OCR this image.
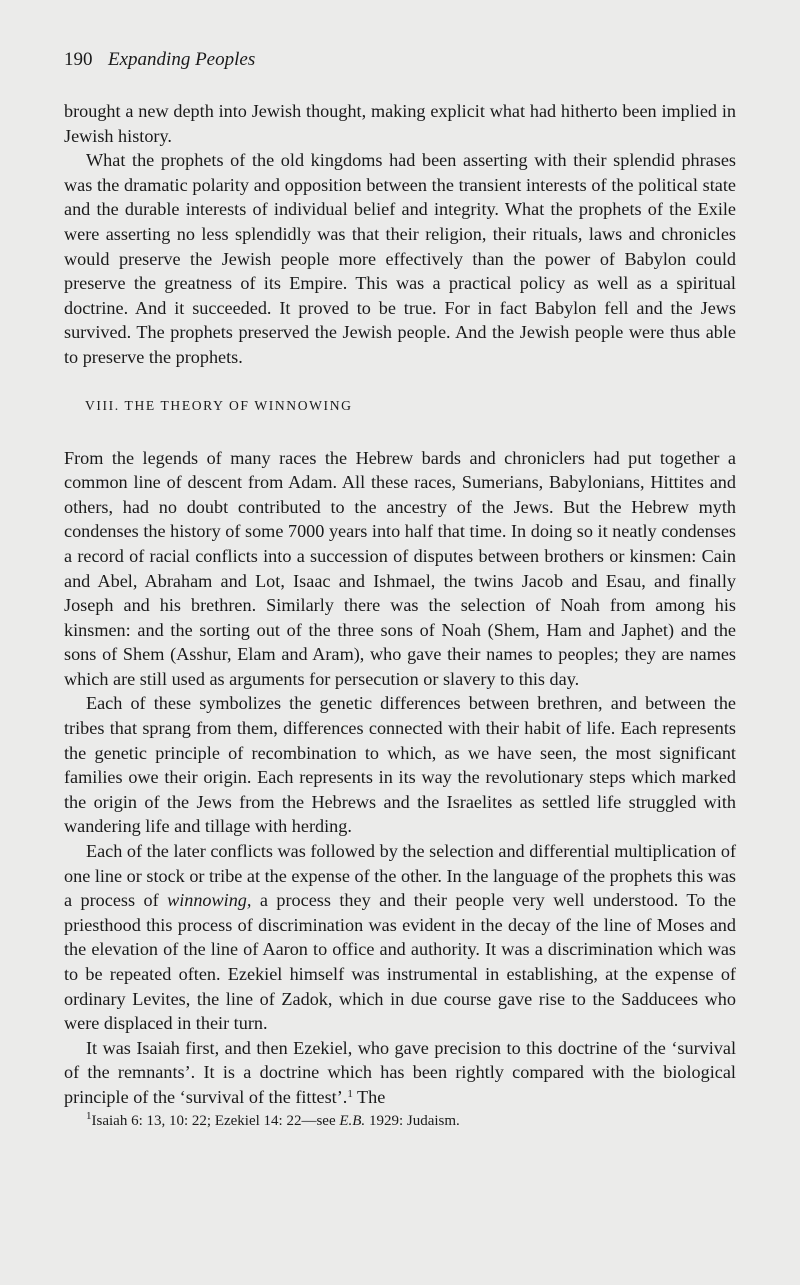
190 Expanding Peoples

brought a new depth into Jewish thought, making explicit what had hitherto been implied in Jewish history.

What the prophets of the old kingdoms had been asserting with their splendid phrases was the dramatic polarity and opposition between the transient interests of the political state and the durable interests of individual belief and integrity. What the prophets of the Exile were asserting no less splendidly was that their religion, their rituals, laws and chronicles would preserve the Jewish people more effectively than the power of Babylon could preserve the greatness of its Empire. This was a practical policy as well as a spiritual doctrine. And it succeeded. It proved to be true. For in fact Babylon fell and the Jews survived. The prophets preserved the Jewish people. And the Jewish people were thus able to preserve the prophets.

VIII. THE THEORY OF WINNOWING

From the legends of many races the Hebrew bards and chroniclers had put together a common line of descent from Adam. All these races, Sumerians, Babylonians, Hittites and others, had no doubt contributed to the ancestry of the Jews. But the Hebrew myth condenses the history of some 7000 years into half that time. In doing so it neatly condenses a record of racial conflicts into a succession of disputes between brothers or kinsmen: Cain and Abel, Abraham and Lot, Isaac and Ishmael, the twins Jacob and Esau, and finally Joseph and his brethren. Similarly there was the selection of Noah from among his kinsmen: and the sorting out of the three sons of Noah (Shem, Ham and Japhet) and the sons of Shem (Asshur, Elam and Aram), who gave their names to peoples; they are names which are still used as arguments for persecution or slavery to this day.

Each of these symbolizes the genetic differences between brethren, and between the tribes that sprang from them, differences connected with their habit of life. Each represents the genetic principle of recombination to which, as we have seen, the most significant families owe their origin. Each represents in its way the revolutionary steps which marked the origin of the Jews from the Hebrews and the Israelites as settled life struggled with wandering life and tillage with herding.

Each of the later conflicts was followed by the selection and differential multiplication of one line or stock or tribe at the expense of the other. In the language of the prophets this was a process of winnowing, a process they and their people very well understood. To the priesthood this process of discrimination was evident in the decay of the line of Moses and the elevation of the line of Aaron to office and authority. It was a discrimination which was to be repeated often. Ezekiel himself was instrumental in establishing, at the expense of ordinary Levites, the line of Zadok, which in due course gave rise to the Sadducees who were displaced in their turn.

It was Isaiah first, and then Ezekiel, who gave precision to this doctrine of the ‘survival of the remnants’. It is a doctrine which has been rightly compared with the biological principle of the ‘survival of the fittest’.$^1$ The

$^1$Isaiah 6: 13, 10: 22; Ezekiel 14: 22—see E.B. 1929: Judaism.
